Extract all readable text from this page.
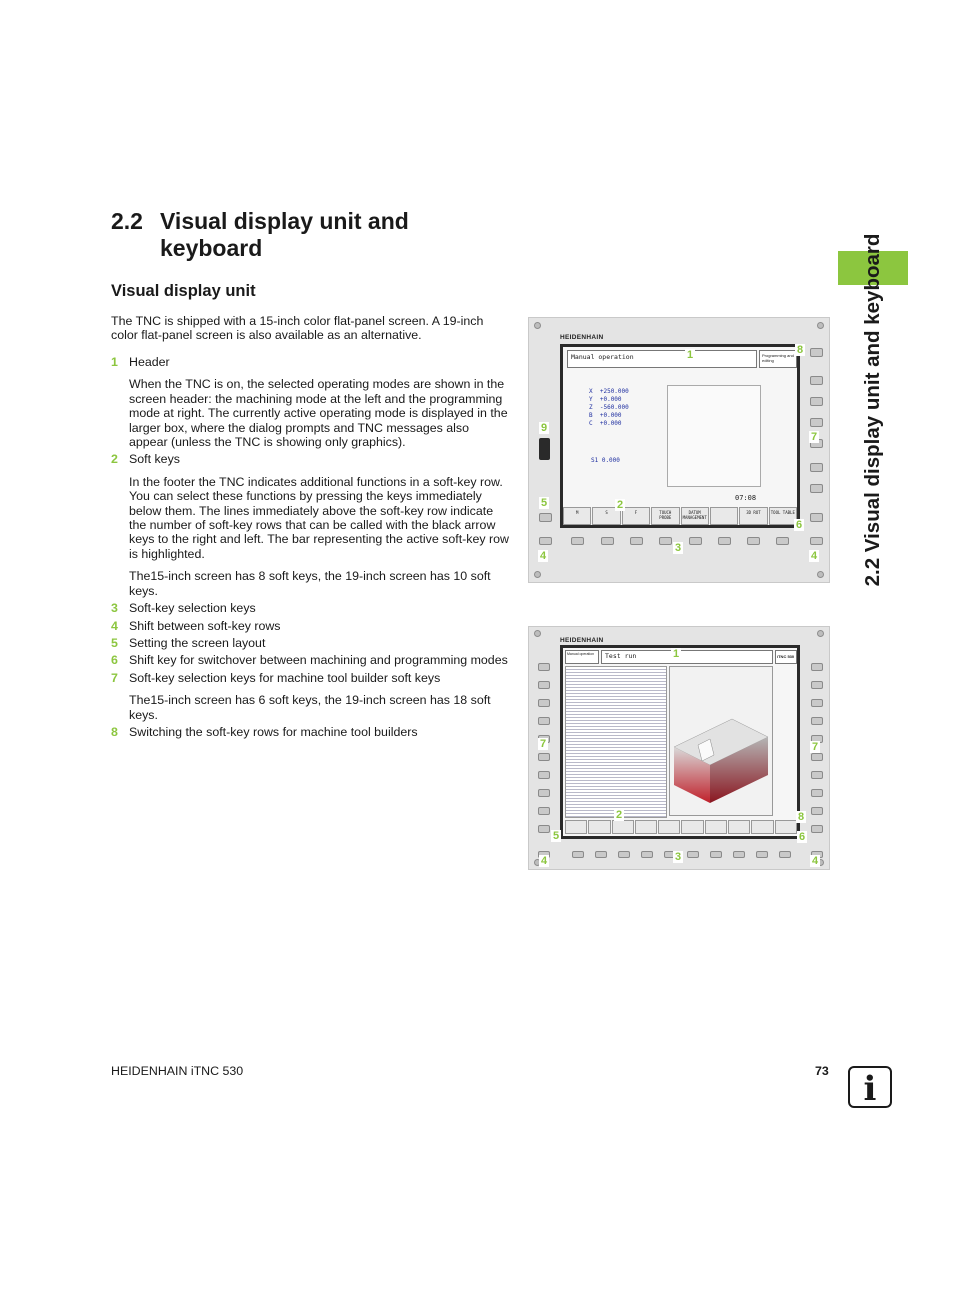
2.2 Visual display unit and
keyboard
Visual display unit
The TNC is shipped with a 15-inch color flat-panel screen. A 19-inch color flat-panel screen is also available as an alternative.
1 Header
When the TNC is on, the selected operating modes are shown in the screen header: the machining mode at the left and the programming mode at right. The currently active operating mode is displayed in the larger box, where the dialog prompts and TNC messages also appear (unless the TNC is showing only graphics).
2 Soft keys
In the footer the TNC indicates additional functions in a soft-key row. You can select these functions by pressing the keys immediately below them. The lines immediately above the soft-key row indicate the number of soft-key rows that can be called with the black arrow keys to the right and left. The bar representing the active soft-key row is highlighted.
The15-inch screen has 8 soft keys, the 19-inch screen has 10 soft keys.
3 Soft-key selection keys
4 Shift between soft-key rows
5 Setting the screen layout
6 Shift key for switchover between machining and programming modes
7 Soft-key selection keys for machine tool builder soft keys
The15-inch screen has 6 soft keys, the 19-inch screen has 18 soft keys.
8 Switching the soft-key rows for machine tool builders
2.2 Visual display unit and keyboard
HEIDENHAIN
Manual operation	Programming and editing
X +250.000
Y +0.000
Z -560.000
B +0.000
C +0.000
S1 0.000
07:08
M	S	F	TOUCH PROBE
DATUM MANAGEMENT
3D ROT	TOOL TABLE
1
2
3
4	4
5
6
7
8
9
HEIDENHAIN
Manual operation	Test run	iTNC 530
1
2
3
4	4
5	6
7	7
8
HEIDENHAIN iTNC 530	73	i
